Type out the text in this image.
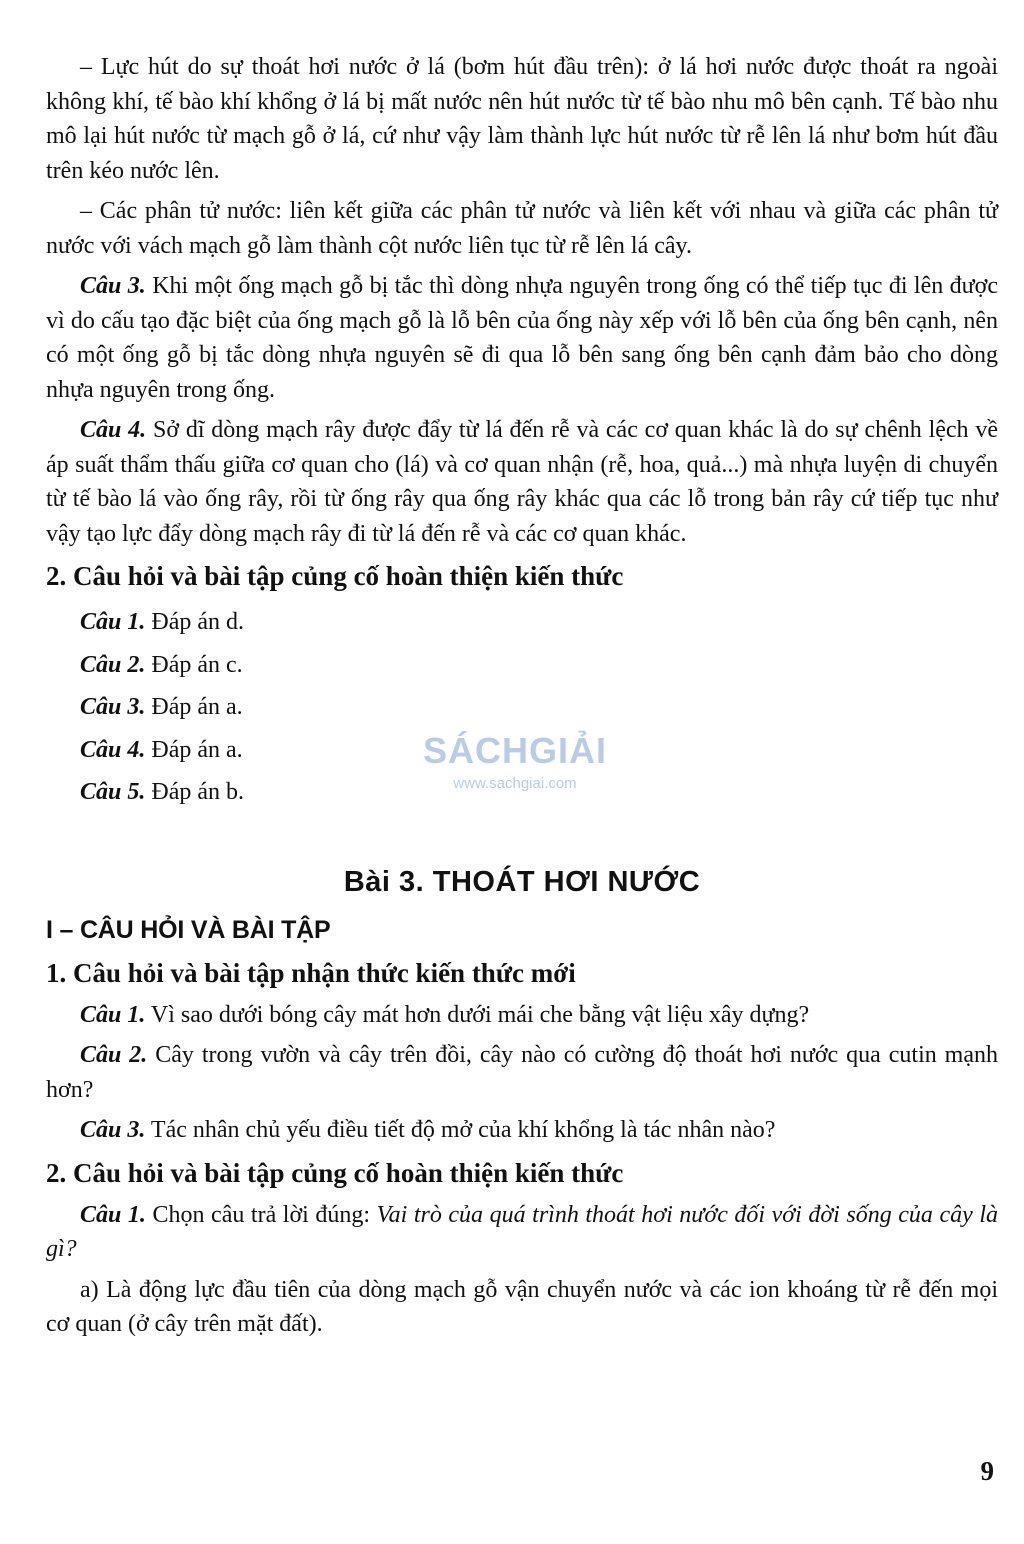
– Lực hút do sự thoát hơi nước ở lá (bơm hút đầu trên): ở lá hơi nước được thoát ra ngoài không khí, tế bào khí khổng ở lá bị mất nước nên hút nước từ tế bào nhu mô bên cạnh. Tế bào nhu mô lại hút nước từ mạch gỗ ở lá, cứ như vậy làm thành lực hút nước từ rễ lên lá như bơm hút đầu trên kéo nước lên.

– Các phân tử nước: liên kết giữa các phân tử nước và liên kết với nhau và giữa các phân tử nước với vách mạch gỗ làm thành cột nước liên tục từ rễ lên lá cây.

Câu 3. Khi một ống mạch gỗ bị tắc thì dòng nhựa nguyên trong ống có thể tiếp tục đi lên được vì do cấu tạo đặc biệt của ống mạch gỗ là lỗ bên của ống này xếp với lỗ bên của ống bên cạnh, nên có một ống gỗ bị tắc dòng nhựa nguyên sẽ đi qua lỗ bên sang ống bên cạnh đảm bảo cho dòng nhựa nguyên trong ống.

Câu 4. Sở dĩ dòng mạch rây được đẩy từ lá đến rễ và các cơ quan khác là do sự chênh lệch về áp suất thẩm thấu giữa cơ quan cho (lá) và cơ quan nhận (rễ, hoa, quả...) mà nhựa luyện di chuyển từ tế bào lá vào ống rây, rồi từ ống rây qua ống rây khác qua các lỗ trong bản rây cứ tiếp tục như vậy tạo lực đẩy dòng mạch rây đi từ lá đến rễ và các cơ quan khác.

2. Câu hỏi và bài tập củng cố hoàn thiện kiến thức

Câu 1. Đáp án d.

Câu 2. Đáp án c.

Câu 3. Đáp án a.

Câu 4. Đáp án a.

Câu 5. Đáp án b.

Bài 3. THOÁT HƠI NƯỚC
I – CÂU HỎI VÀ BÀI TẬP
1. Câu hỏi và bài tập nhận thức kiến thức mới

Câu 1. Vì sao dưới bóng cây mát hơn dưới mái che bằng vật liệu xây dựng?

Câu 2. Cây trong vườn và cây trên đồi, cây nào có cường độ thoát hơi nước qua cutin mạnh hơn?

Câu 3. Tác nhân chủ yếu điều tiết độ mở của khí khổng là tác nhân nào?

2. Câu hỏi và bài tập củng cố hoàn thiện kiến thức

Câu 1. Chọn câu trả lời đúng: Vai trò của quá trình thoát hơi nước đối với đời sống của cây là gì?

a) Là động lực đầu tiên của dòng mạch gỗ vận chuyển nước và các ion khoáng từ rễ đến mọi cơ quan (ở cây trên mặt đất).

SÁCHGIẢI
www.sachgiai.com
9
